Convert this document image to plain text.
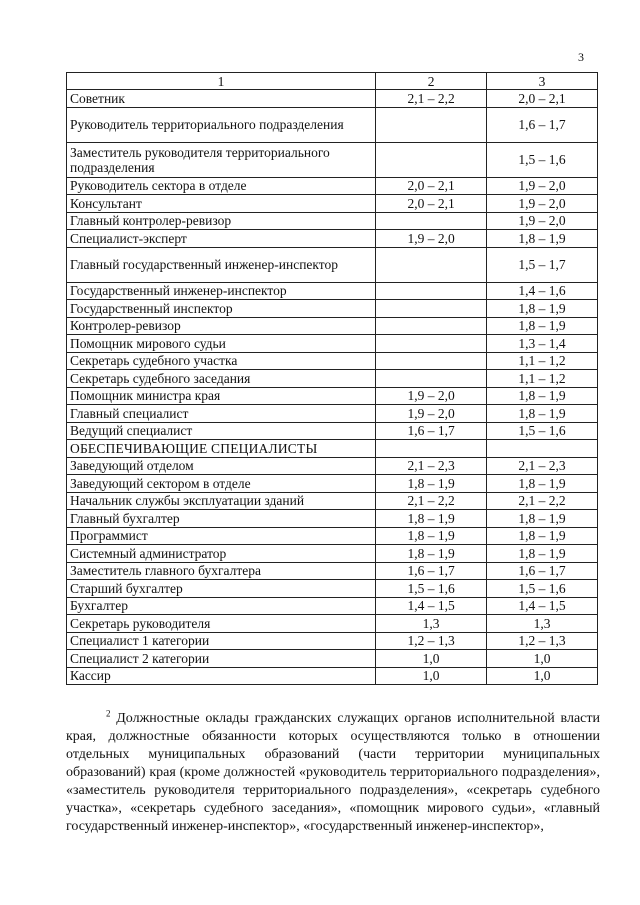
3
1	2	3
Советник	2,1 – 2,2	2,0 – 2,1
Руководитель территориального подразделения		1,6 – 1,7
Заместитель руководителя территориального подразделения		1,5 – 1,6
Руководитель сектора в отделе	2,0 – 2,1	1,9 – 2,0
Консультант	2,0 – 2,1	1,9 – 2,0
Главный контролер-ревизор		1,9 – 2,0
Специалист-эксперт	1,9 – 2,0	1,8 – 1,9
Главный государственный инженер-инспектор		1,5 – 1,7
Государственный инженер-инспектор		1,4 – 1,6
Государственный инспектор		1,8 – 1,9
Контролер-ревизор		1,8 – 1,9
Помощник мирового судьи		1,3 – 1,4
Секретарь судебного участка		1,1 – 1,2
Секретарь судебного заседания		1,1 – 1,2
Помощник министра края	1,9 – 2,0	1,8 – 1,9
Главный специалист	1,9 – 2,0	1,8 – 1,9
Ведущий специалист	1,6 – 1,7	1,5 – 1,6
ОБЕСПЕЧИВАЮЩИЕ СПЕЦИАЛИСТЫ		
Заведующий отделом	2,1 – 2,3	2,1 – 2,3
Заведующий сектором в отделе	1,8 – 1,9	1,8 – 1,9
Начальник службы эксплуатации зданий	2,1 – 2,2	2,1 – 2,2
Главный бухгалтер	1,8 – 1,9	1,8 – 1,9
Программист	1,8 – 1,9	1,8 – 1,9
Системный администратор	1,8 – 1,9	1,8 – 1,9
Заместитель главного бухгалтера	1,6 – 1,7	1,6 – 1,7
Старший бухгалтер	1,5 – 1,6	1,5 – 1,6
Бухгалтер	1,4 – 1,5	1,4 – 1,5
Секретарь руководителя	1,3	1,3
Специалист 1 категории	1,2 – 1,3	1,2 – 1,3
Специалист 2 категории	1,0	1,0
Кассир	1,0	1,0
$^2$ Должностные оклады гражданских служащих органов исполнительной власти края, должностные обязанности которых осуществляются только в отношении отдельных муниципальных образований (части территории муниципальных образований) края (кроме должностей «руководитель территориального подразделения», «заместитель руководителя территориального подразделения», «секретарь судебного участка», «секретарь судебного заседания», «помощник мирового судьи», «главный государственный инженер-инспектор», «государственный инженер-инспектор»,
